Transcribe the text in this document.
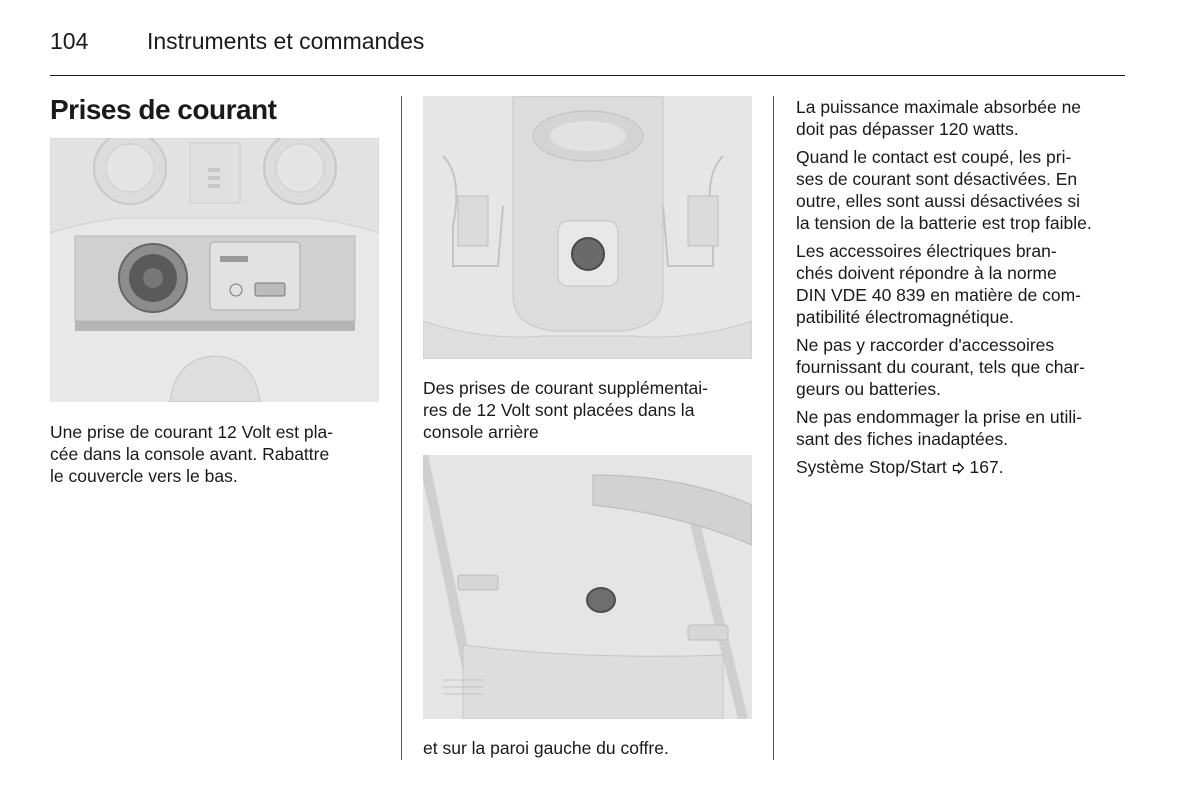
104	Instruments et commandes
Prises de courant
Une prise de courant 12 Volt est pla-
cée dans la console avant. Rabattre
le couvercle vers le bas.
Des prises de courant supplémentai-
res de 12 Volt sont placées dans la
console arrière
et sur la paroi gauche du coffre.
La puissance maximale absorbée ne
doit pas dépasser 120 watts.
Quand le contact est coupé, les pri-
ses de courant sont désactivées. En
outre, elles sont aussi désactivées si
la tension de la batterie est trop faible.
Les accessoires électriques bran-
chés doivent répondre à la norme
DIN VDE 40 839 en matière de com-
patibilité électromagnétique.
Ne pas y raccorder d'accessoires
fournissant du courant, tels que char-
geurs ou batteries.
Ne pas endommager la prise en utili-
sant des fiches inadaptées.
Système Stop/Start 167.
